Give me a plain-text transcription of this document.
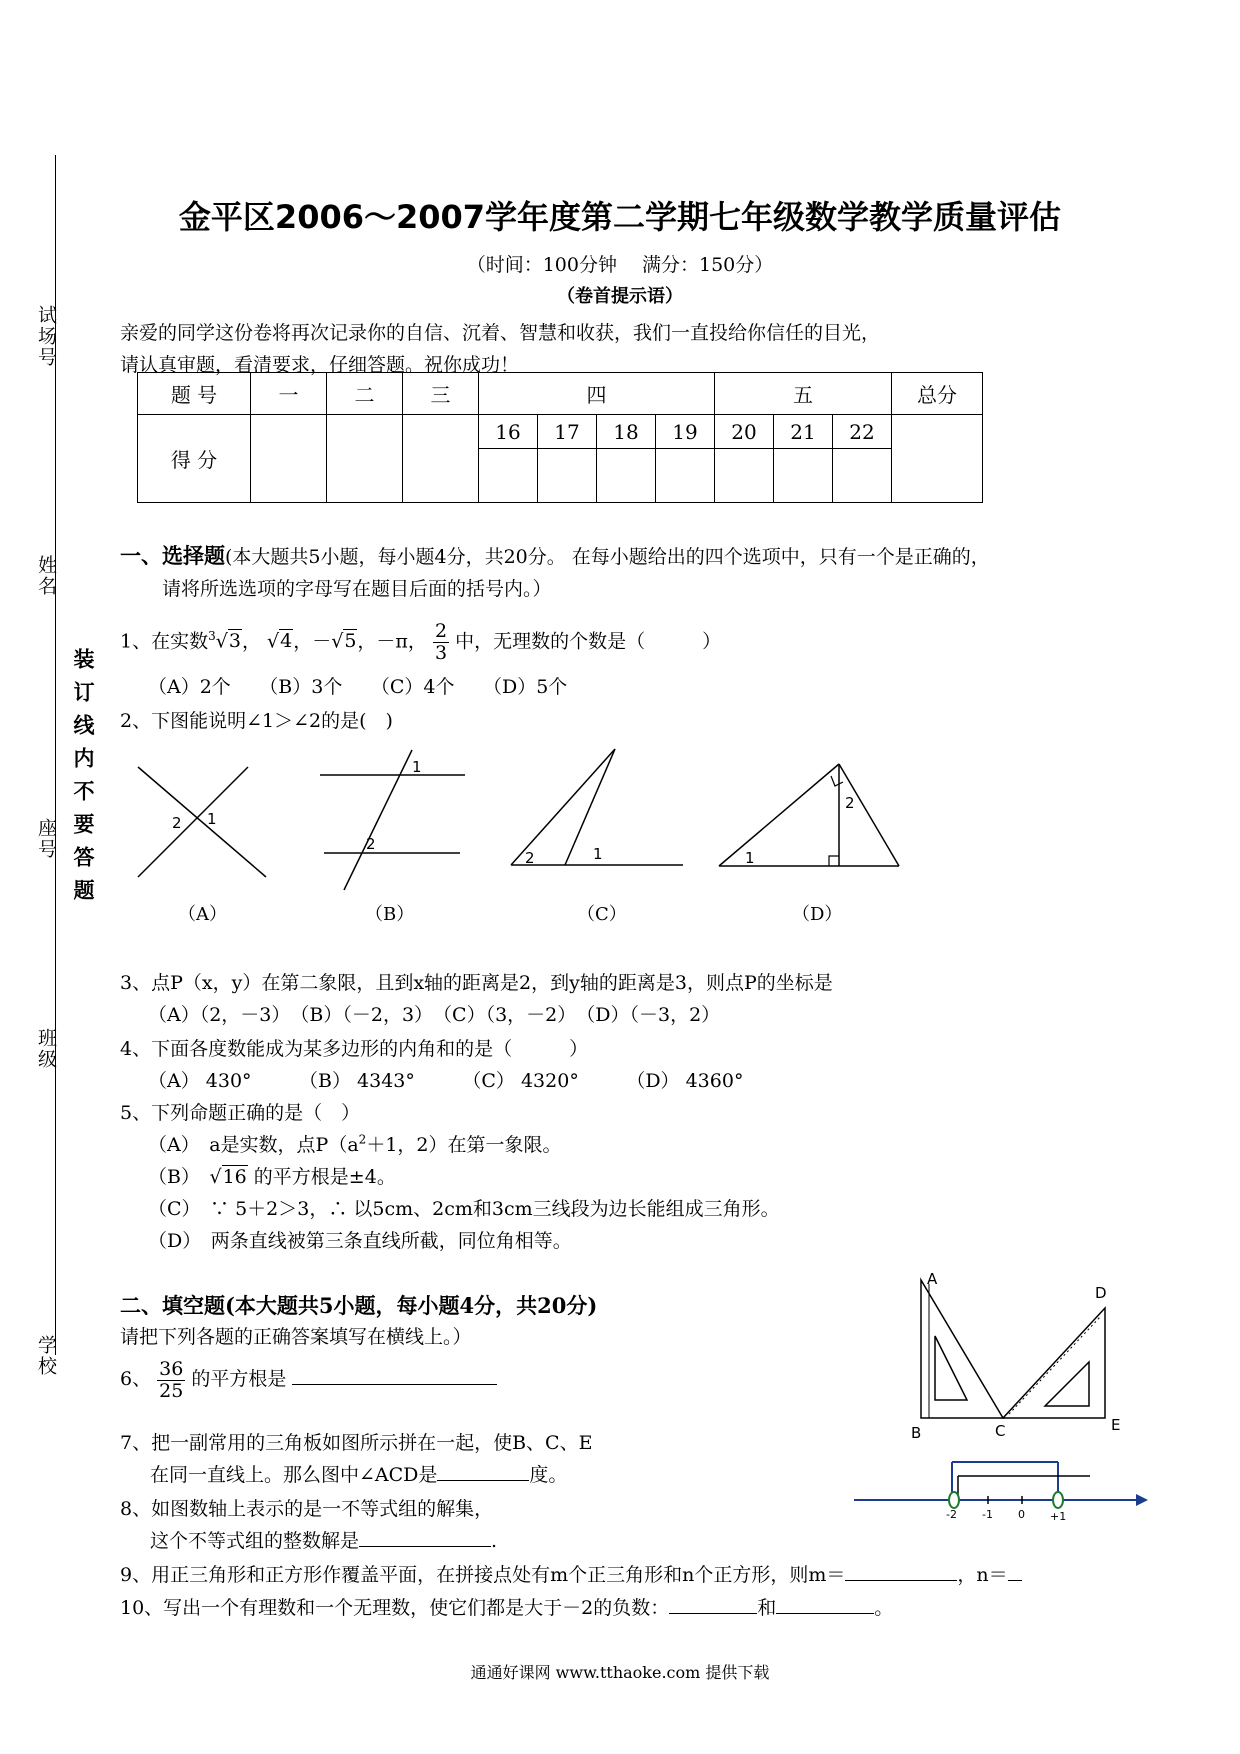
试场号
姓名
装订线内不要答题
座号
班级
学校
金平区2006～2007学年度第二学期七年级数学教学质量评估
（时间：100分钟　 满分：150分）
（卷首提示语）
亲爱的同学这份卷将再次记录你的自信、沉着、智慧和收获，我们一直投给你信任的目光，
请认真审题，看清要求，仔细答题。祝你成功！
题 号	一	二	三	四				五			总分
得 分				16	17	18	19	20	21	22	

一、选择题(本大题共5小题，每小题4分，共20分。 在每小题给出的四个选项中，只有一个是正确的，
请将所选选项的字母写在题目后面的括号内。）
1、在实数$^3$√3， √4，－√5，－π， $\frac{2}{3}$ 中，无理数的个数是（　　　）
（A）2个　　（B）3个　　（C）4个　　（D）5个
2、下图能说明∠1＞∠2的是(　)
2 1
1
2
2	1	1
2
（A）	（B）	（C）	（D）
3、点P（x，y）在第二象限，且到x轴的距离是2，到y轴的距离是3，则点P的坐标是
（A）（2，－3）　（B）（－2，3）　（C）（3，－2）　（D）（－3，2）
4、下面各度数能成为某多边形的内角和的是（　　　）
（A） 430°　　　（B） 4343°　　　（C） 4320°　　　（D） 4360°
5、下列命题正确的是（　）
（A）　a是实数，点$P(a^2+1$，2）在第一象限。
（B）　√16 的平方根是±4。
（C）　∵ 5＋2＞3，∴ 以5cm、2cm和3cm三线段为边长能组成三角形。
（D）　两条直线被第三条直线所截，同位角相等。
二、填空题(本大题共5小题，每小题4分，共20分)
请把下列各题的正确答案填写在横线上。）
6、 $\frac{36}{25}$ 的平方根是
7、把一副常用的三角板如图所示拼在一起，使B、C、E
在同一直线上。那么图中∠ACD是	度。
8、如图数轴上表示的是一不等式组的解集，
这个不等式组的整数解是	.
9、用正三角形和正方形作覆盖平面，在拼接点处有m个正三角形和n个正方形，则m＝	，n＝
10、写出一个有理数和一个无理数，使它们都是大于－2的负数：	和	。
A
B	C
D
E
-2 -1 0 +1
通通好课网 www.tthaoke.com 提供下载
